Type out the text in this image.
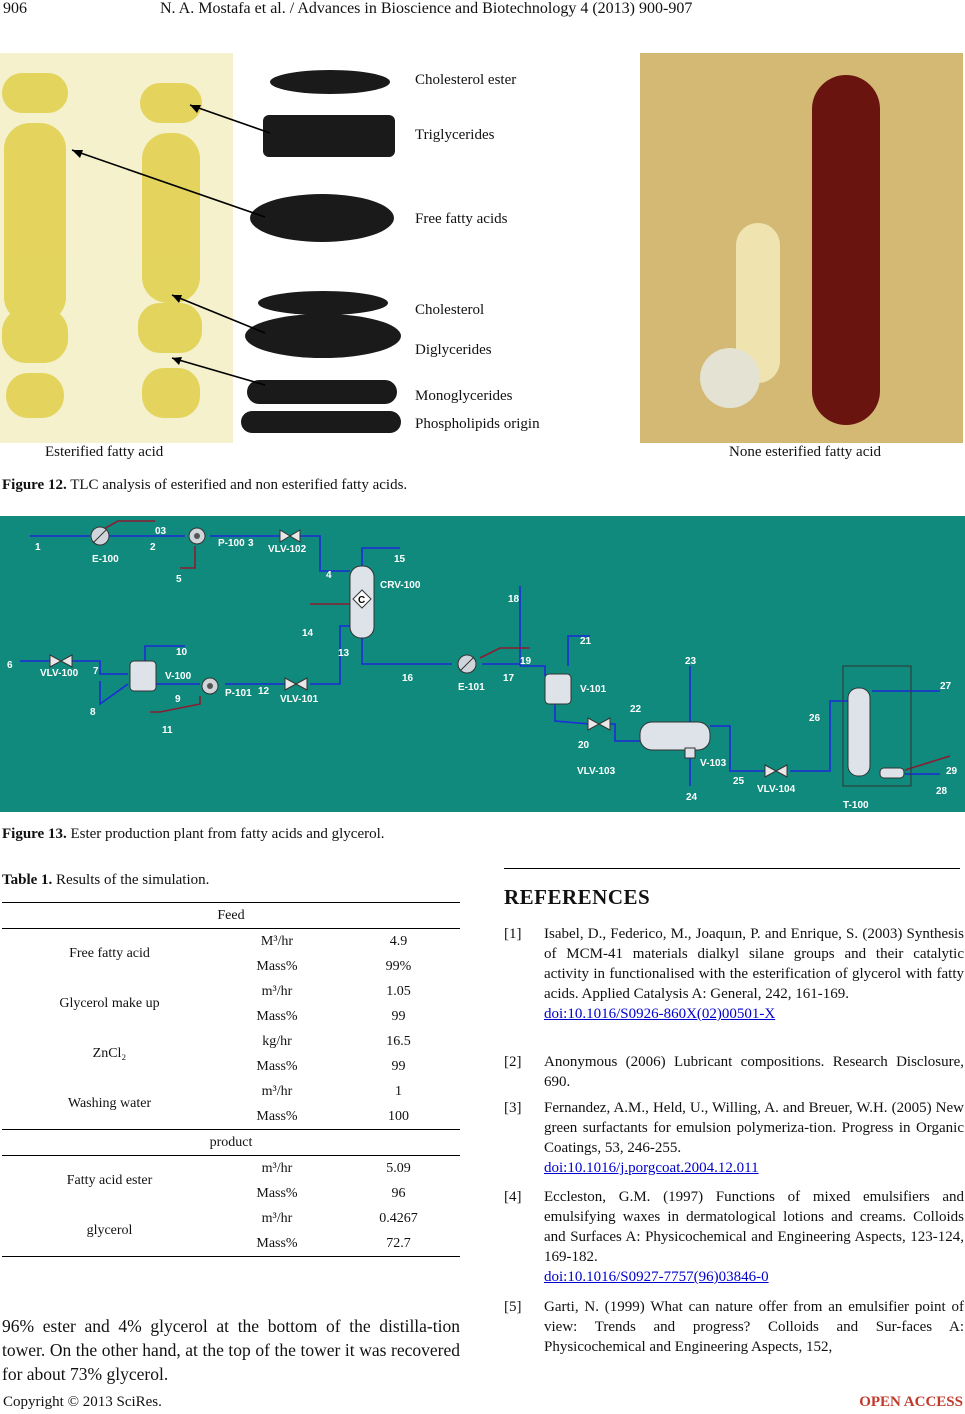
906	N. A. Mostafa et al. / Advances in Bioscience and Biotechnology 4 (2013) 900-907
Cholesterol ester
Triglycerides
Free fatty acids
Cholesterol
Diglycerides
Monoglycerides
Phospholipids origin
Esterified fatty acid	None esterified fatty acid
Figure 12. TLC analysis of esterified and non esterified fatty acids.
E-100
P-100
VLV-102
CRV-100
VLV-100	V-100
P-101
VLV-101
E-101	V-101
VLV-103
V-103
VLV-104
T-100
C
1	2
03
3
4
5
6
7
8
9
10
11
12
13
14
15
16	17
18
19
20
21
22
23
24
25
26
27
28
29
Figure 13. Ester production plant from fatty acids and glycerol.
Table 1. Results of the simulation.
Feed		
Free fatty acid	M³/hr	4.9
	Mass%	99%
Glycerol make up	m³/hr	1.05
	Mass%	99
ZnCl₂	kg/hr	16.5
	Mass%	99
Washing water	m³/hr	1
	Mass%	100
product		
Fatty acid ester	m³/hr	5.09
	Mass%	96
glycerol	m³/hr	0.4267
	Mass%	72.7
96% ester and 4% glycerol at the bottom of the distilla-tion tower. On the other hand, at the top of the tower it was recovered for about 73% glycerol.
REFERENCES
[1] Isabel, D., Federico, M., Joaquın, P. and Enrique, S. (2003) Synthesis of MCM-41 materials dialkyl silane groups and their catalytic activity in functionalised with the esterification of glycerol with fatty acids. Applied Catalysis A: General, 242, 161-169.
doi:10.1016/S0926-860X(02)00501-X
[2] Anonymous (2006) Lubricant compositions. Research Disclosure, 690.
[3] Fernandez, A.M., Held, U., Willing, A. and Breuer, W.H. (2005) New green surfactants for emulsion polymeriza-tion. Progress in Organic Coatings, 53, 246-255.
doi:10.1016/j.porgcoat.2004.12.011
[4] Eccleston, G.M. (1997) Functions of mixed emulsifiers and emulsifying waxes in dermatological lotions and creams. Colloids and Surfaces A: Physicochemical and Engineering Aspects, 123-124, 169-182.
doi:10.1016/S0927-7757(96)03846-0
[5] Garti, N. (1999) What can nature offer from an emulsifier point of view: Trends and progress? Colloids and Sur-faces A: Physicochemical and Engineering Aspects, 152,
Copyright © 2013 SciRes.	OPEN ACCESS
